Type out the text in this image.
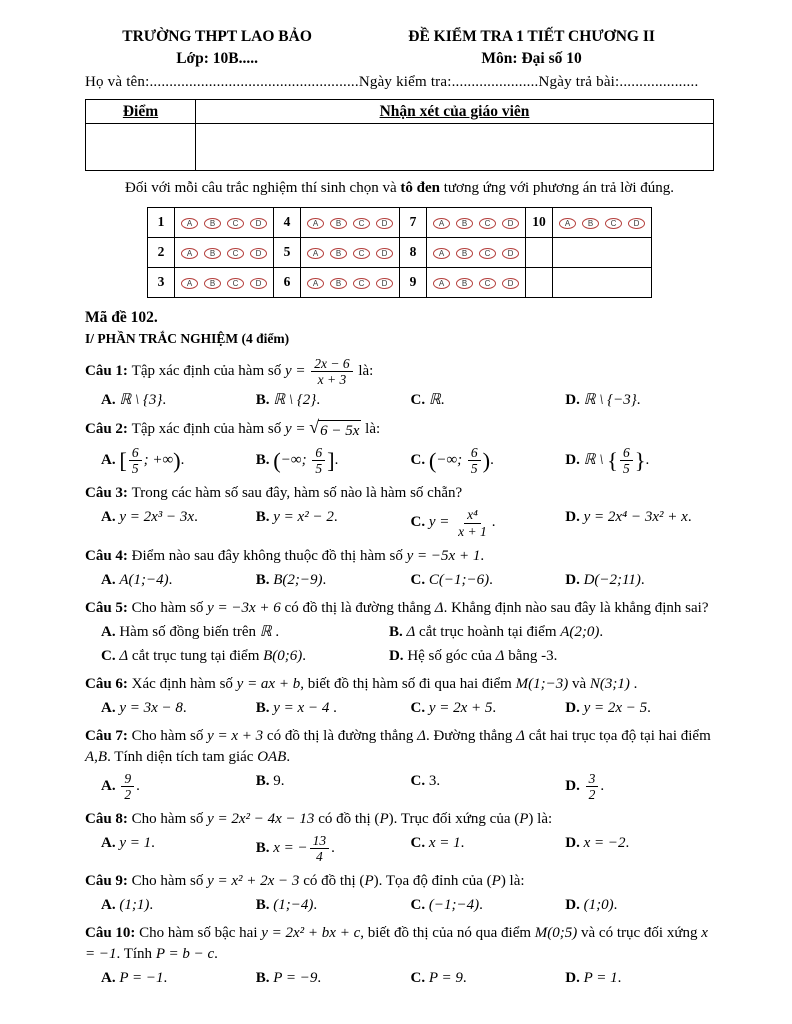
TRƯỜNG THPT LAO BẢO	ĐỀ KIỂM TRA 1 TIẾT CHƯƠNG II
Lớp: 10B.....	Môn: Đại số 10
Họ và tên:.....................................................Ngày kiểm tra:......................Ngày trả bài:....................
Điểm	Nhận xét của giáo viên

Đối với mỗi câu trắc nghiệm thí sinh chọn và tô đen tương ứng với phương án trả lời đúng.
1	A B C D	4	A B C D	7	A B C D	10	A B C D
2	A B C D	5	A B C D	8	A B C D		
3	A B C D	6	A B C D	9	A B C D		
Mã đề 102.
I/ PHẦN TRẮC NGHIỆM (4 điểm)
Câu 1: Tập xác định của hàm số $y = \frac{2x - 6}{x + 3}$ là:
A. ℝ \ {3}.	B. ℝ \ {2}.	C. ℝ.	D. ℝ \ {−3}.
Câu 2: Tập xác định của hàm số y = √ 6 − 5x là:
A. [ $\frac{6}{5}$ ; +∞).	B. (−∞; $\frac{6}{5}$ ].	C. (−∞; $\frac{6}{5}$ ).	D. ℝ \ { $\frac{6}{5}$ }.
Câu 3: Trong các hàm số sau đây, hàm số nào là hàm số chẵn?
A. y = 2x³ − 3x.	B. y = x² − 2.	C. $y = \frac{\text{x⁴}}{x + 1}$ .	D. y = 2x⁴ − 3x² + x.
Câu 4: Điểm nào sau đây không thuộc đồ thị hàm số y = −5x + 1.
A. A(1;−4).	B. B(2;−9).	C. C(−1;−6).	D. D(−2;11).
Câu 5: Cho hàm số y = −3x + 6 có đồ thị là đường thẳng Δ. Khẳng định nào sau đây là khẳng định sai?
A. Hàm số đồng biến trên ℝ .	B. Δ cắt trục hoành tại điểm A(2;0).
C. Δ cắt trục tung tại điểm B(0;6).	D. Hệ số góc của Δ bằng -3.
Câu 6: Xác định hàm số y = ax + b, biết đồ thị hàm số đi qua hai điểm M(1;−3) và N(3;1) .
A. y = 3x − 8.	B. y = x − 4 .	C. y = 2x + 5.	D. y = 2x − 5.
Câu 7: Cho hàm số y = x + 3 có đồ thị là đường thẳng Δ. Đường thẳng Δ cắt hai trục tọa độ tại hai điểm A,B. Tính diện tích tam giác OAB.
A. $\frac{9}{2}$ .	B. 9.	C. 3.	D. $\frac{3}{2}$ .
Câu 8: Cho hàm số y = 2x² − 4x − 13 có đồ thị (P). Trục đối xứng của (P) là:
A. y = 1.	B. x = − $\frac{13}{4}$ .	C. x = 1.	D. x = −2.
Câu 9: Cho hàm số y = x² + 2x − 3 có đồ thị (P). Tọa độ đỉnh của (P) là:
A. (1;1).	B. (1;−4).	C. (−1;−4).	D. (1;0).
Câu 10: Cho hàm số bậc hai y = 2x² + bx + c, biết đồ thị của nó qua điểm M(0;5) và có trục đối xứng x = −1. Tính P = b − c.
A. P = −1.	B. P = −9.	C. P = 9.	D. P = 1.
